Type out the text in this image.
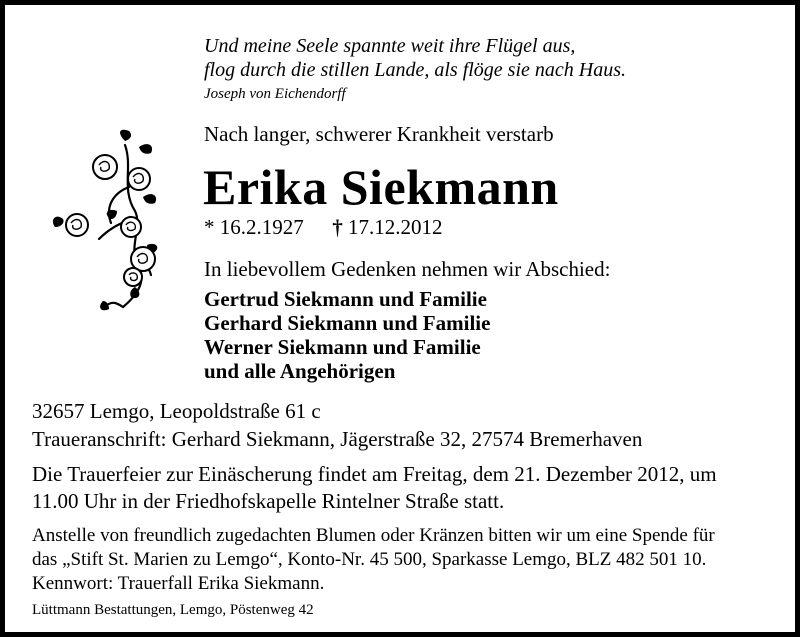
Und meine Seele spannte weit ihre Flügel aus,
flog durch die stillen Lande, als flöge sie nach Haus.
Joseph von Eichendorff
Nach langer, schwerer Krankheit verstarb
Erika Siekmann
* 16.2.1927 † 17.12.2012
In liebevollem Gedenken nehmen wir Abschied:
Gertrud Siekmann und Familie
Gerhard Siekmann und Familie
Werner Siekmann und Familie
und alle Angehörigen
32657 Lemgo, Leopoldstraße 61 c
Traueranschrift: Gerhard Siekmann, Jägerstraße 32, 27574 Bremerhaven
Die Trauerfeier zur Einäscherung findet am Freitag, dem 21. Dezember 2012, um
11.00 Uhr in der Friedhofskapelle Rintelner Straße statt.
Anstelle von freundlich zugedachten Blumen oder Kränzen bitten wir um eine Spende für
das „Stift St. Marien zu Lemgo“, Konto-Nr. 45 500, Sparkasse Lemgo, BLZ 482 501 10.
Kennwort: Trauerfall Erika Siekmann.
Lüttmann Bestattungen, Lemgo, Pöstenweg 42
